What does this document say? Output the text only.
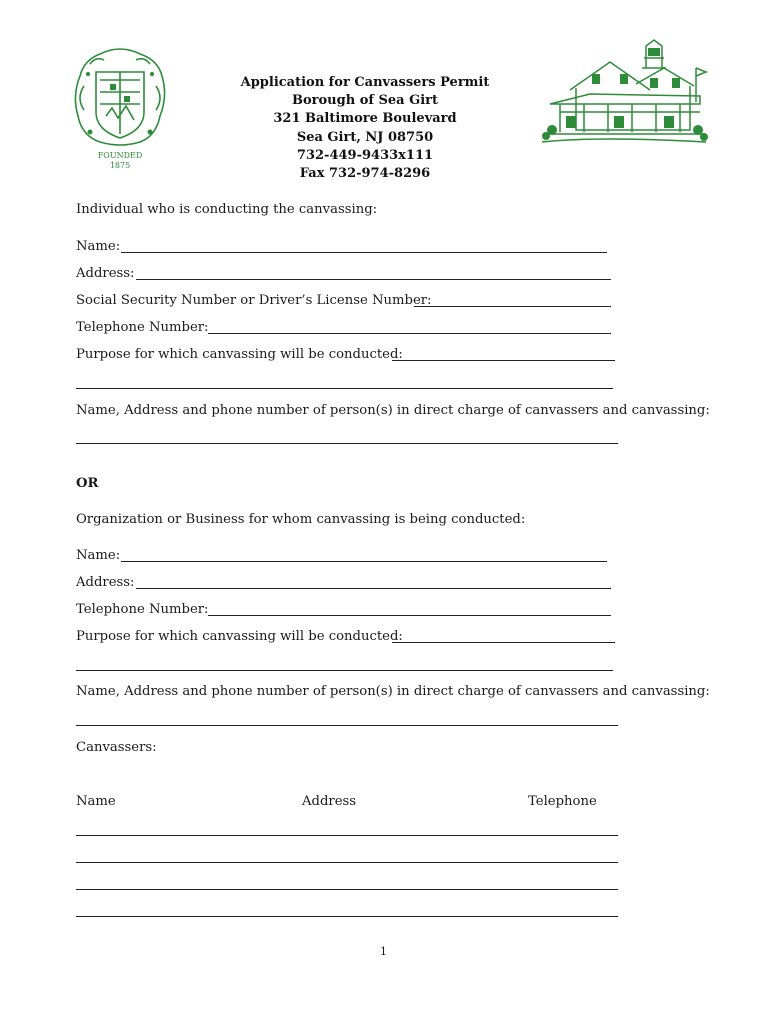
FOUNDED
1875
Application for Canvassers Permit
Borough of Sea Girt
321 Baltimore Boulevard
Sea Girt, NJ 08750
732-449-9433x111
Fax 732-974-8296
Individual who is conducting the canvassing:
Name:
Address:
Social Security Number or Driver’s License Number:
Telephone Number:
Purpose for which canvassing will be conducted:
Name, Address and phone number of person(s) in direct charge of canvassers and canvassing:
OR
Organization or Business for whom canvassing is being conducted:
Name:
Address:
Telephone Number:
Purpose for which canvassing will be conducted:
Name, Address and phone number of person(s) in direct charge of canvassers and canvassing:
Canvassers:
Name	Address	Telephone
1
